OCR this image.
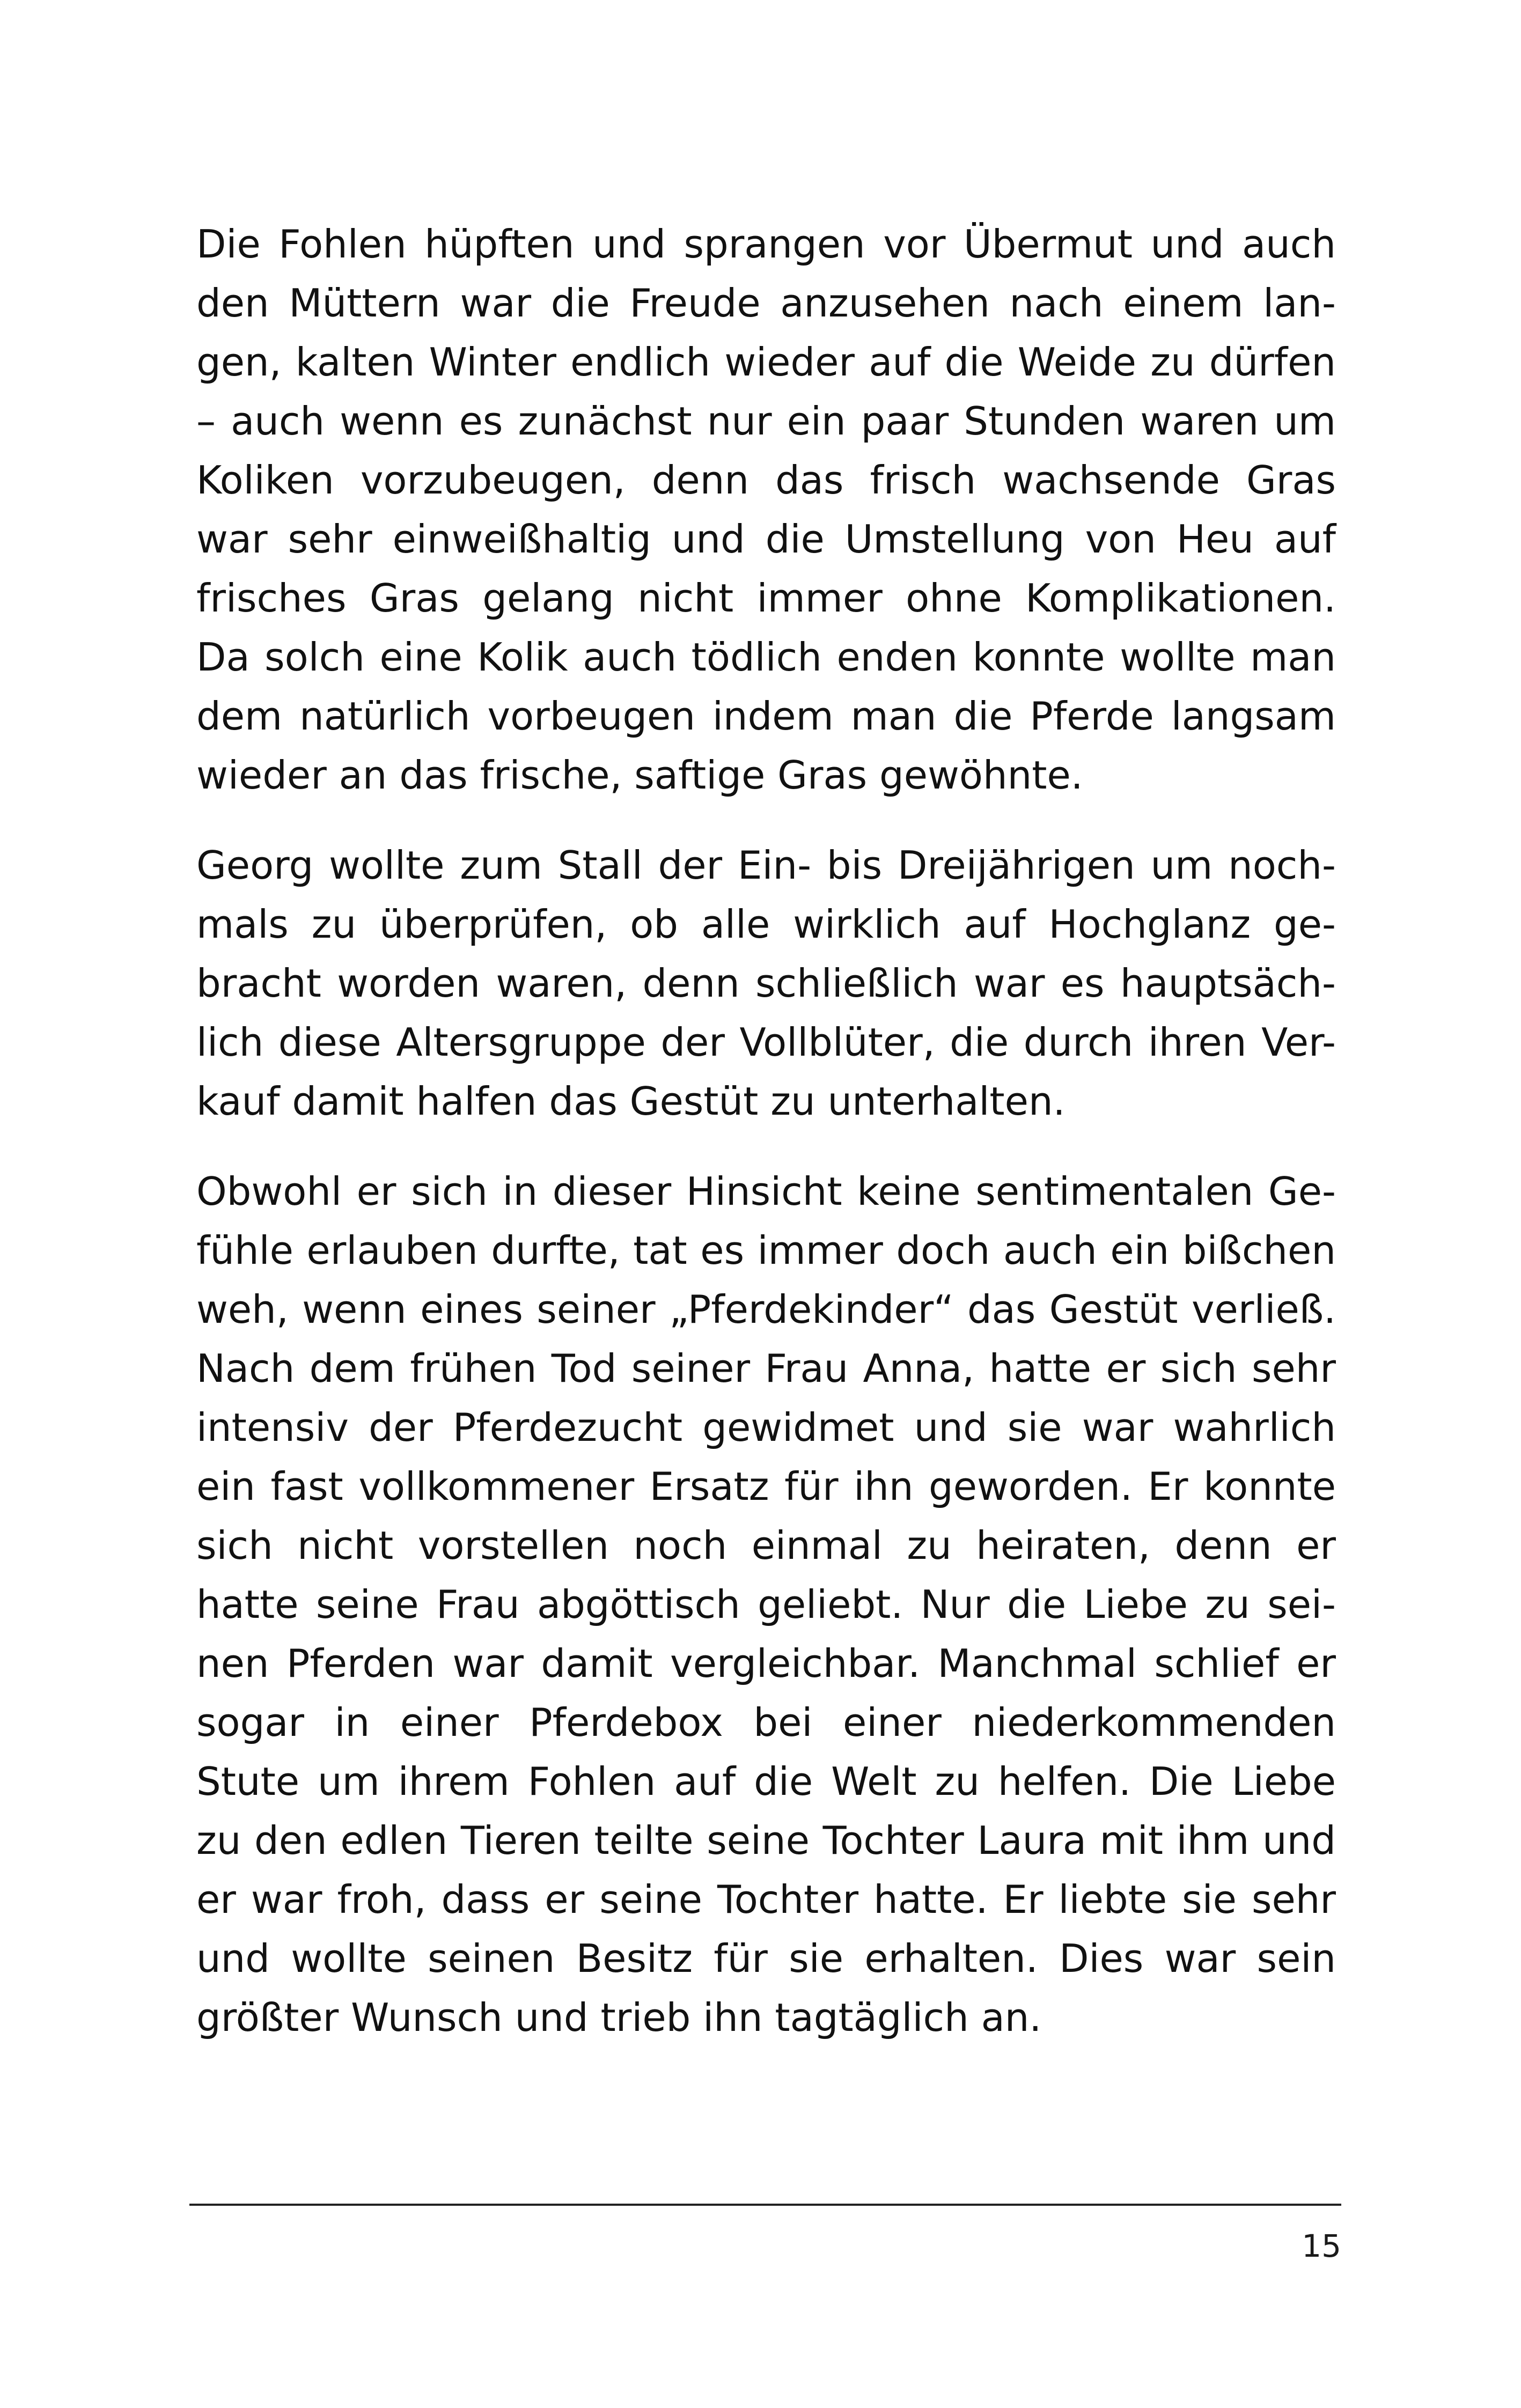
Die Fohlen hüpften und sprangen vor Übermut und auch
den Müttern war die Freude anzusehen nach einem lan-
gen, kalten Winter endlich wieder auf die Weide zu dürfen
– auch wenn es zunächst nur ein paar Stunden waren um
Koliken vorzubeugen, denn das frisch wachsende Gras
war sehr einweißhaltig und die Umstellung von Heu auf
frisches Gras gelang nicht immer ohne Komplikationen.
Da solch eine Kolik auch tödlich enden konnte wollte man
dem natürlich vorbeugen indem man die Pferde langsam
wieder an das frische, saftige Gras gewöhnte.

Georg wollte zum Stall der Ein- bis Dreijährigen um noch-
mals zu überprüfen, ob alle wirklich auf Hochglanz ge-
bracht worden waren, denn schließlich war es hauptsäch-
lich diese Altersgruppe der Vollblüter, die durch ihren Ver-
kauf damit halfen das Gestüt zu unterhalten.

Obwohl er sich in dieser Hinsicht keine sentimentalen Ge-
fühle erlauben durfte, tat es immer doch auch ein bißchen
weh, wenn eines seiner „Pferdekinder“ das Gestüt verließ.
Nach dem frühen Tod seiner Frau Anna, hatte er sich sehr
intensiv der Pferdezucht gewidmet und sie war wahrlich
ein fast vollkommener Ersatz für ihn geworden. Er konnte
sich nicht vorstellen noch einmal zu heiraten, denn er
hatte seine Frau abgöttisch geliebt. Nur die Liebe zu sei-
nen Pferden war damit vergleichbar. Manchmal schlief er
sogar in einer Pferdebox bei einer niederkommenden
Stute um ihrem Fohlen auf die Welt zu helfen. Die Liebe
zu den edlen Tieren teilte seine Tochter Laura mit ihm und
er war froh, dass er seine Tochter hatte. Er liebte sie sehr
und wollte seinen Besitz für sie erhalten. Dies war sein
größter Wunsch und trieb ihn tagtäglich an.

15
